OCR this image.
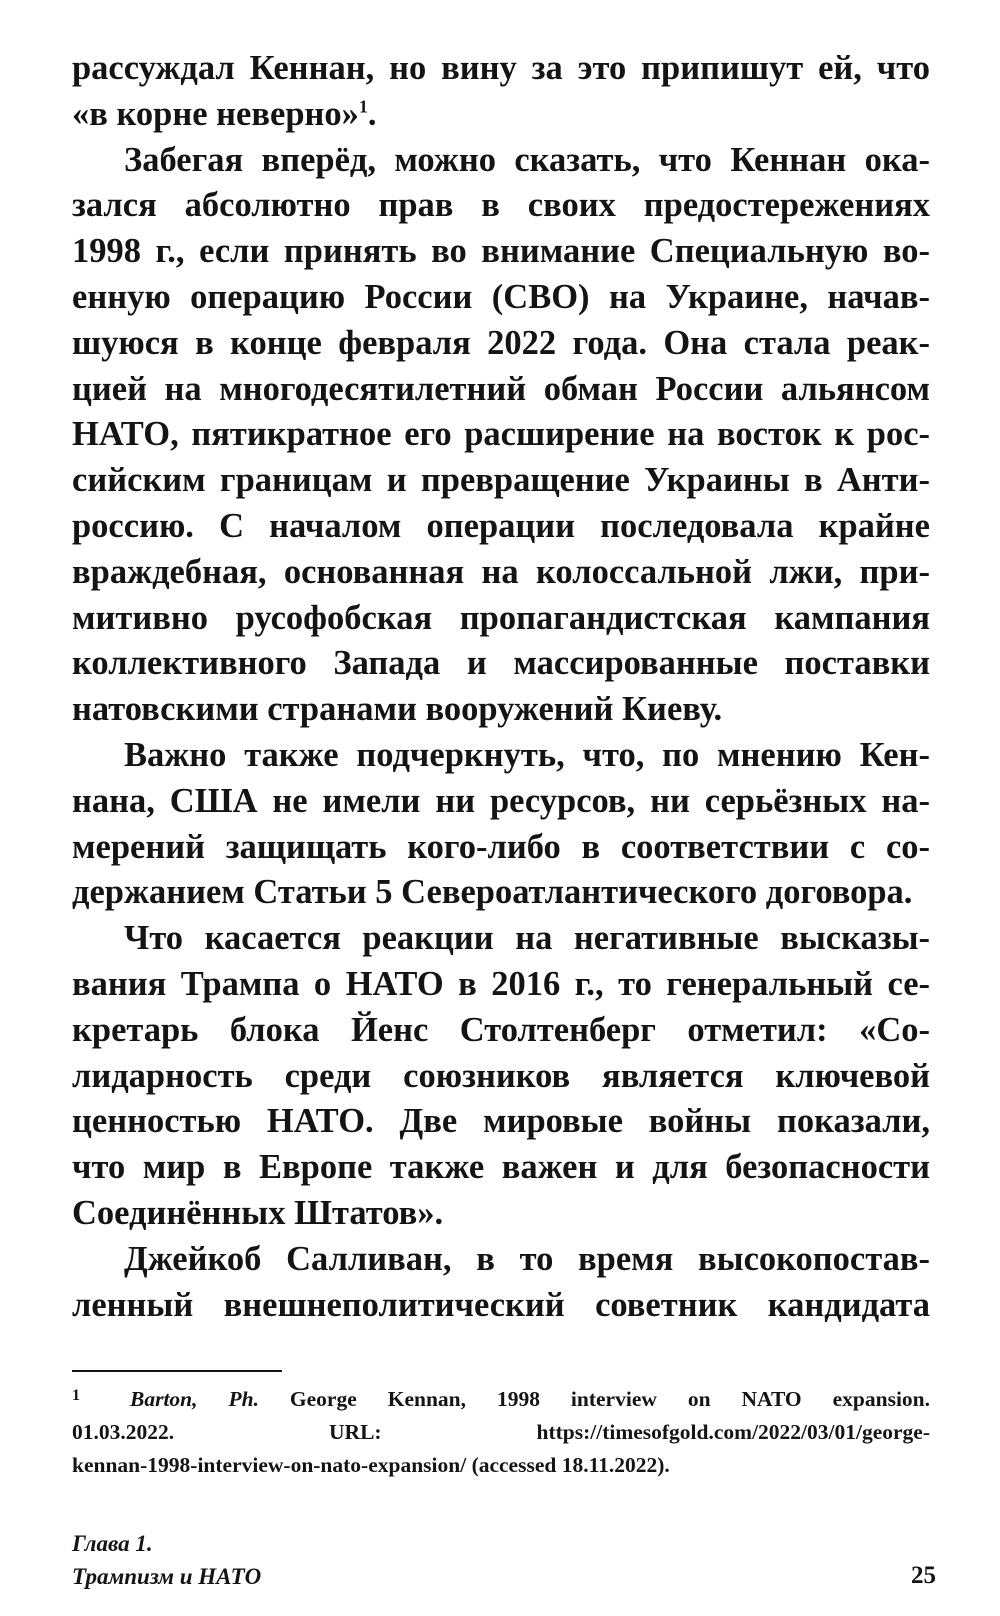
рассуждал Кеннан, но вину за это припишут ей, что
«в корне неверно»$^1$.
Забегая вперёд, можно сказать, что Кеннан ока-
зался абсолютно прав в своих предостережениях
1998 г., если принять во внимание Специальную во-
енную операцию России (СВО) на Украине, начав-
шуюся в конце февраля 2022 года. Она стала реак-
цией на многодесятилетний обман России альянсом
НАТО, пятикратное его расширение на восток к рос-
сийским границам и превращение Украины в Анти-
россию. С началом операции последовала крайне
враждебная, основанная на колоссальной лжи, при-
митивно русофобская пропагандистская кампания
коллективного Запада и массированные поставки
натовскими странами вооружений Киеву.
Важно также подчеркнуть, что, по мнению Кен-
нана, США не имели ни ресурсов, ни серьёзных на-
мерений защищать кого-либо в соответствии с со-
держанием Статьи 5 Североатлантического договора.
Что касается реакции на негативные высказы-
вания Трампа о НАТО в 2016 г., то генеральный се-
кретарь блока Йенс Столтенберг отметил: «Со-
лидарность среди союзников является ключевой
ценностью НАТО. Две мировые войны показали,
что мир в Европе также важен и для безопасности
Соединённых Штатов».
Джейкоб Салливан, в то время высокопостав-
ленный внешнеполитический советник кандидата
1 Barton, Ph. George Kennan, 1998 interview on NATO expansion.
01.03.2022. URL: https://timesofgold.com/2022/03/01/george-
kennan-1998-interview-on-nato-expansion/ (accessed 18.11.2022).
Глава 1.
Трампизм и НАТО	25
